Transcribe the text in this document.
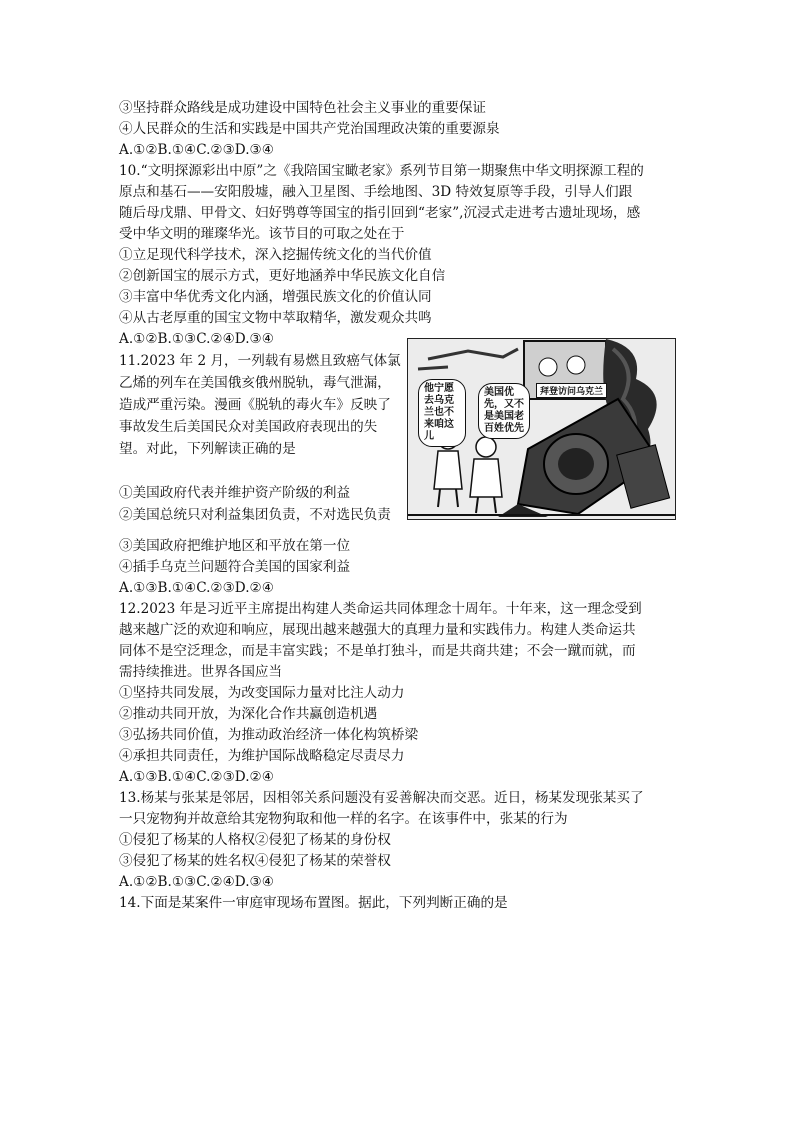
③坚持群众路线是成功建设中国特色社会主义事业的重要保证
④人民群众的生活和实践是中国共产党治国理政决策的重要源泉
A.①②B.①④C.②③D.③④
10.“文明探源彩出中原”之《我陪国宝瞰老家》系列节目第一期聚焦中华文明探源工程的
原点和基石——安阳殷墟，融入卫星图、手绘地图、3D 特效复原等手段，引导人们跟
随后母戊鼎、甲骨文、妇好鸮尊等国宝的指引回到“老家”,沉浸式走进考古遗址现场，感
受中华文明的璀璨华光。该节目的可取之处在于
①立足现代科学技术，深入挖掘传统文化的当代价值
②创新国宝的展示方式，更好地涵养中华民族文化自信
③丰富中华优秀文化内涵，增强民族文化的价值认同
④从古老厚重的国宝文物中萃取精华，激发观众共鸣
A.①②B.①③C.②④D.③④
11.2023 年 2 月，一列载有易燃且致癌气体氯乙烯的列车在美国俄亥俄州脱轨，毒气泄漏，造成严重污染。漫画《脱轨的毒火车》反映了事故发生后美国民众对美国政府表现出的失望。对此，下列解读正确的是
①美国政府代表并维护资产阶级的利益
②美国总统只对利益集团负责，不对选民负责
③美国政府把维护地区和平放在第一位
④插手乌克兰问题符合美国的国家利益
A.①③B.①④C.②③D.②④
他宁愿去乌克兰也不来咱这儿
美国优先，又不是美国老百姓优先
拜登访问乌克兰
12.2023 年是习近平主席提出构建人类命运共同体理念十周年。十年来，这一理念受到
越来越广泛的欢迎和响应，展现出越来越强大的真理力量和实践伟力。构建人类命运共
同体不是空泛理念，而是丰富实践；不是单打独斗，而是共商共建；不会一蹴而就，而
需持续推进。世界各国应当
①坚持共同发展，为改变国际力量对比注人动力
②推动共同开放，为深化合作共赢创造机遇
③弘扬共同价值，为推动政治经济一体化构筑桥梁
④承担共同责任，为维护国际战略稳定尽责尽力
A.①③B.①④C.②③D.②④
13.杨某与张某是邻居，因相邻关系问题没有妥善解决而交恶。近日，杨某发现张某买了
一只宠物狗并故意给其宠物狗取和他一样的名字。在该事件中，张某的行为
①侵犯了杨某的人格权②侵犯了杨某的身份权
③侵犯了杨某的姓名权④侵犯了杨某的荣誉权
A.①②B.①③C.②④D.③④
14.下面是某案件一审庭审现场布置图。据此，下列判断正确的是
